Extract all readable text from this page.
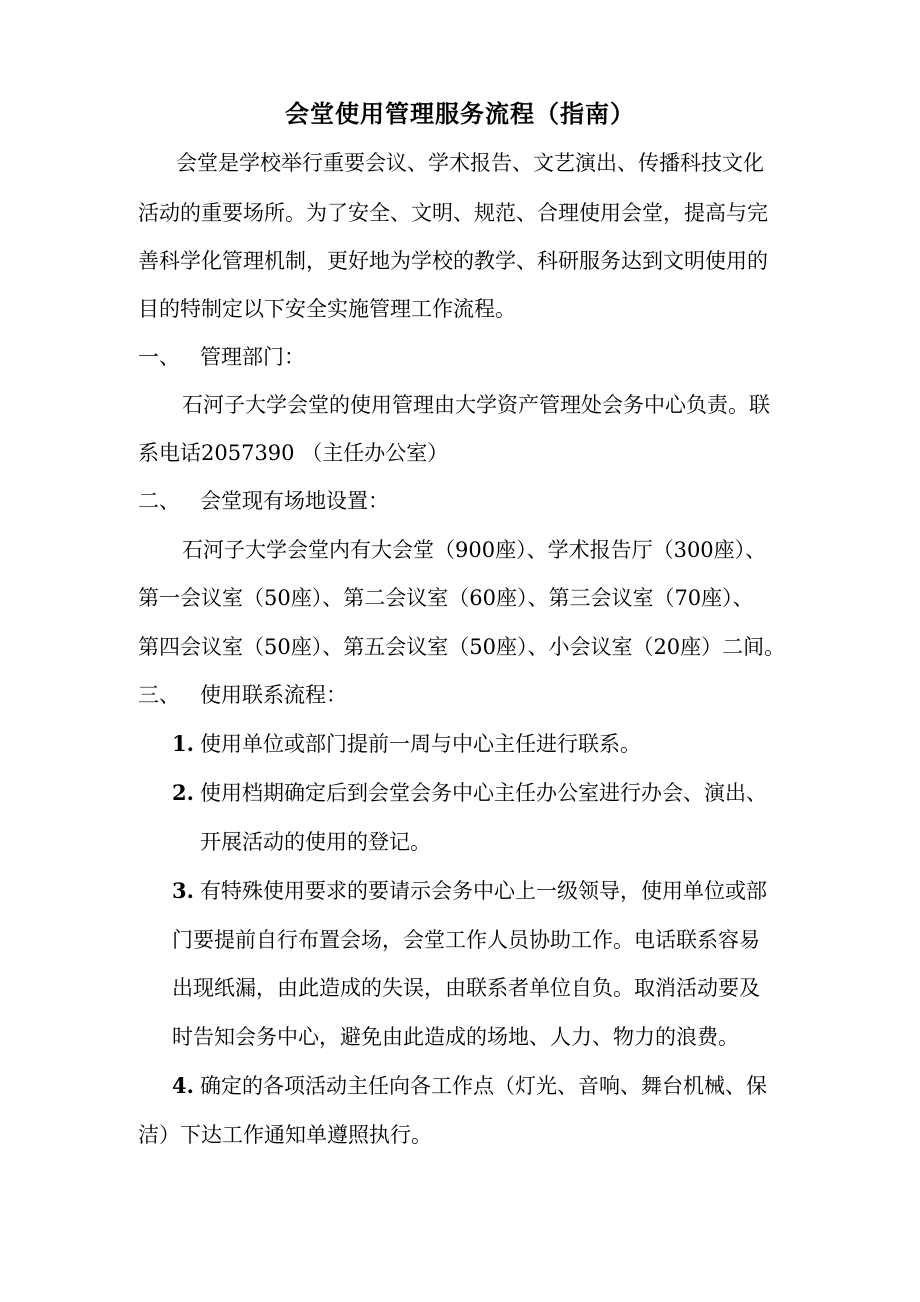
会堂使用管理服务流程（指南）
会堂是学校举行重要会议、学术报告、文艺演出、传播科技文化
活动的重要场所。为了安全、文明、规范、合理使用会堂，提高与完
善科学化管理机制，更好地为学校的教学、科研服务达到文明使用的
目的特制定以下安全实施管理工作流程。
一、 管理部门：
石河子大学会堂的使用管理由大学资产管理处会务中心负责。联
系电话2057390 （主任办公室）
二、 会堂现有场地设置：
石河子大学会堂内有大会堂（900座）、学术报告厅（300座）、
第一会议室（50座）、第二会议室（60座）、第三会议室（70座）、
第四会议室（50座）、第五会议室（50座）、小会议室（20座）二间。
三、 使用联系流程：
1. 使用单位或部门提前一周与中心主任进行联系。
2. 使用档期确定后到会堂会务中心主任办公室进行办会、演出、
开展活动的使用的登记。
3. 有特殊使用要求的要请示会务中心上一级领导，使用单位或部
门要提前自行布置会场，会堂工作人员协助工作。电话联系容易
出现纸漏，由此造成的失误，由联系者单位自负。取消活动要及
时告知会务中心，避免由此造成的场地、人力、物力的浪费。
4. 确定的各项活动主任向各工作点（灯光、音响、舞台机械、保
洁）下达工作通知单遵照执行。
